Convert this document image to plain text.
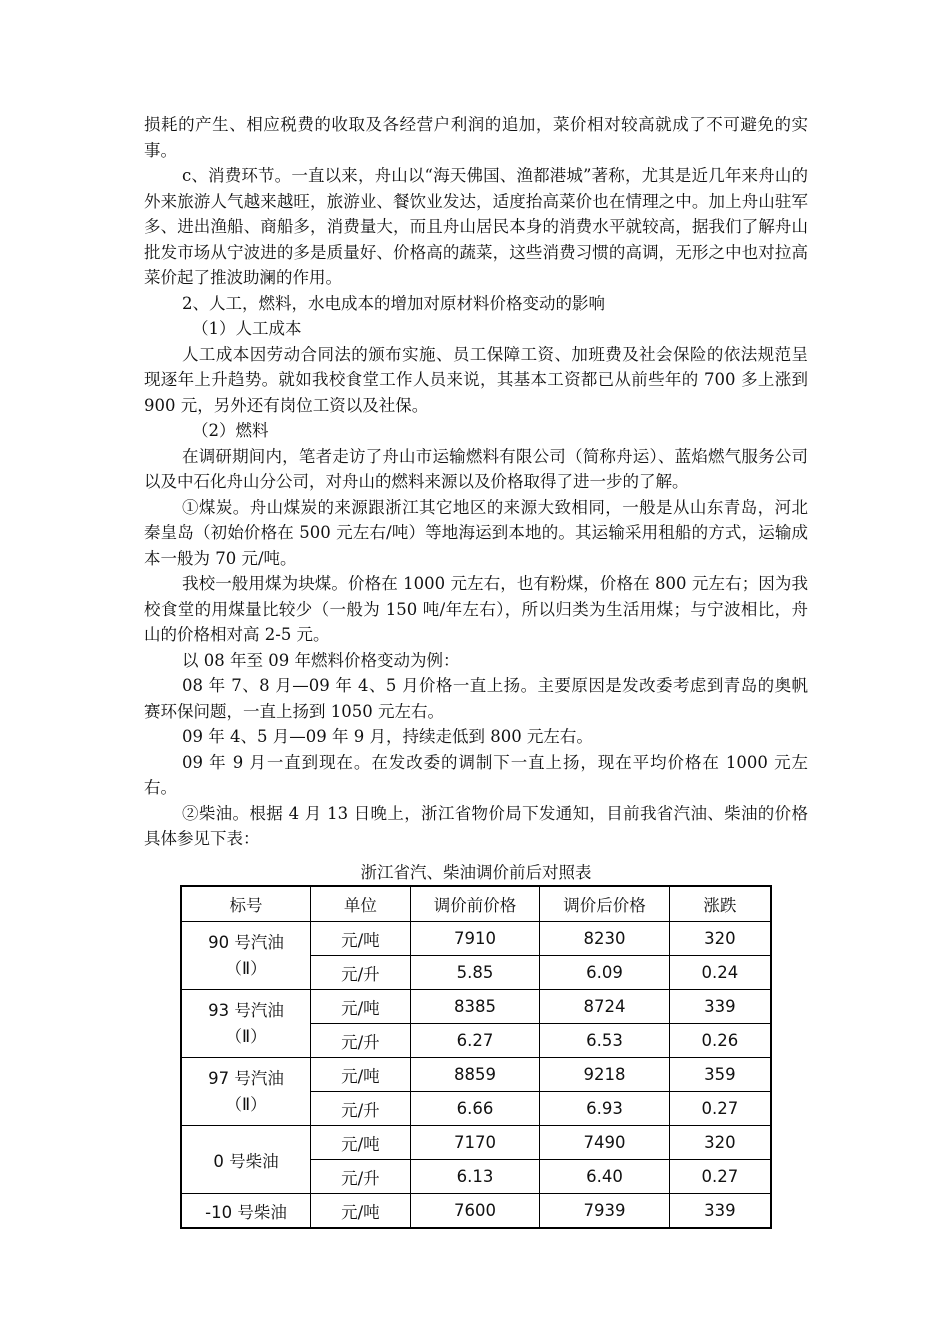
损耗的产生、相应税费的收取及各经营户利润的追加，菜价相对较高就成了不可避免的实事。

c、消费环节。一直以来，舟山以“海天佛国、渔都港城”著称，尤其是近几年来舟山的外来旅游人气越来越旺，旅游业、餐饮业发达，适度抬高菜价也在情理之中。加上舟山驻军多、进出渔船、商船多，消费量大，而且舟山居民本身的消费水平就较高，据我们了解舟山批发市场从宁波进的多是质量好、价格高的蔬菜，这些消费习惯的高调，无形之中也对拉高菜价起了推波助澜的作用。

2、人工，燃料，水电成本的增加对原材料价格变动的影响

（1）人工成本

人工成本因劳动合同法的颁布实施、员工保障工资、加班费及社会保险的依法规范呈现逐年上升趋势。就如我校食堂工作人员来说，其基本工资都已从前些年的 700 多上涨到 900 元，另外还有岗位工资以及社保。

（2）燃料

在调研期间内，笔者走访了舟山市运输燃料有限公司（简称舟运）、蓝焰燃气服务公司以及中石化舟山分公司，对舟山的燃料来源以及价格取得了进一步的了解。

①煤炭。舟山煤炭的来源跟浙江其它地区的来源大致相同，一般是从山东青岛，河北秦皇岛（初始价格在 500 元左右/吨）等地海运到本地的。其运输采用租船的方式，运输成本一般为 70 元/吨。

我校一般用煤为块煤。价格在 1000 元左右，也有粉煤，价格在 800 元左右；因为我校食堂的用煤量比较少（一般为 150 吨/年左右），所以归类为生活用煤；与宁波相比，舟山的价格相对高 2-5 元。

以 08 年至 09 年燃料价格变动为例：

08 年 7、8 月—09 年 4、5 月价格一直上扬。主要原因是发改委考虑到青岛的奥帆赛环保问题，一直上扬到 1050 元左右。

09 年 4、5 月—09 年 9 月，持续走低到 800 元左右。

09 年 9 月一直到现在。在发改委的调制下一直上扬，现在平均价格在 1000 元左右。

②柴油。根据 4 月 13 日晚上，浙江省物价局下发通知，目前我省汽油、柴油的价格具体参见下表：

浙江省汽、柴油调价前后对照表
标号	单位	调价前价格	调价后价格	涨跌

90 号汽油
（Ⅱ）	元/吨	7910	8230	320
	元/升	5.85	6.09	0.24

93 号汽油
（Ⅱ）	元/吨	8385	8724	339
	元/升	6.27	6.53	0.26

97 号汽油
（Ⅱ）	元/吨	8859	9218	359
	元/升	6.66	6.93	0.27

0 号柴油	元/吨	7170	7490	320
	元/升	6.13	6.40	0.27
-10 号柴油	元/吨	7600	7939	339
